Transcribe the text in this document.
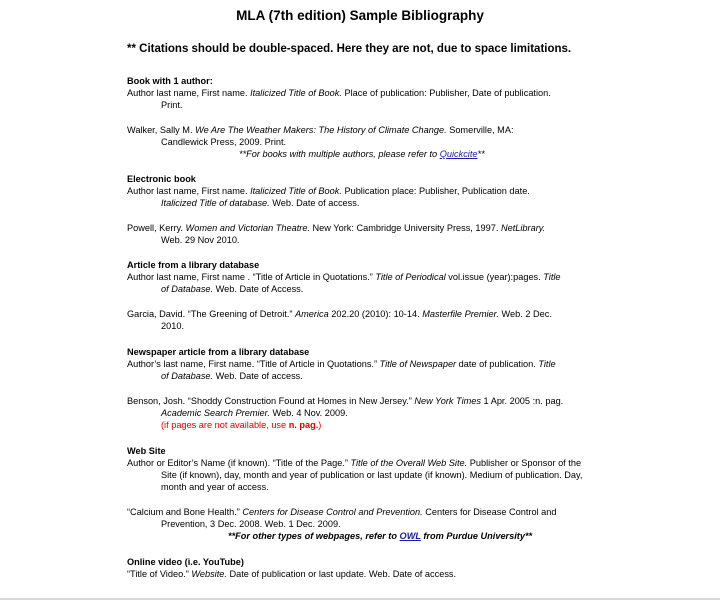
MLA (7th edition) Sample Bibliography
** Citations should be double-spaced. Here they are not, due to space limitations.
Book with 1 author:
Author last name, First name. Italicized Title of Book. Place of publication: Publisher, Date of publication.
Print.
Walker, Sally M. We Are The Weather Makers: The History of Climate Change. Somerville, MA:
Candlewick Press, 2009. Print.
**For books with multiple authors, please refer to Quickcite**
Electronic book
Author last name, First name. Italicized Title of Book. Publication place: Publisher, Publication date.
Italicized Title of database. Web. Date of access.
Powell, Kerry. Women and Victorian Theatre. New York: Cambridge University Press, 1997. NetLibrary.
Web. 29 Nov 2010.
Article from a library database
Author last name, First name . “Title of Article in Quotations.” Title of Periodical vol.issue (year):pages. Title
of Database. Web. Date of Access.
Garcia, David. “The Greening of Detroit.” America 202.20 (2010): 10-14. Masterfile Premier. Web. 2 Dec.
2010.
Newspaper article from a library database
Author’s last name, First name. “Title of Article in Quotations.” Title of Newspaper date of publication. Title
of Database. Web. Date of access.
Benson, Josh. “Shoddy Construction Found at Homes in New Jersey.” New York Times 1 Apr. 2005 :n. pag.
Academic Search Premier. Web. 4 Nov. 2009.
(if pages are not available, use n. pag.)
Web Site
Author or Editor’s Name (if known). “Title of the Page.” Title of the Overall Web Site. Publisher or Sponsor of the
Site (if known), day, month and year of publication or last update (if known). Medium of publication. Day,
month and year of access.
“Calcium and Bone Health.” Centers for Disease Control and Prevention. Centers for Disease Control and
Prevention, 3 Dec. 2008. Web. 1 Dec. 2009.
**For other types of webpages, refer to OWL from Purdue University**
Online video (i.e. YouTube)
“Title of Video.” Website. Date of publication or last update. Web. Date of access.
